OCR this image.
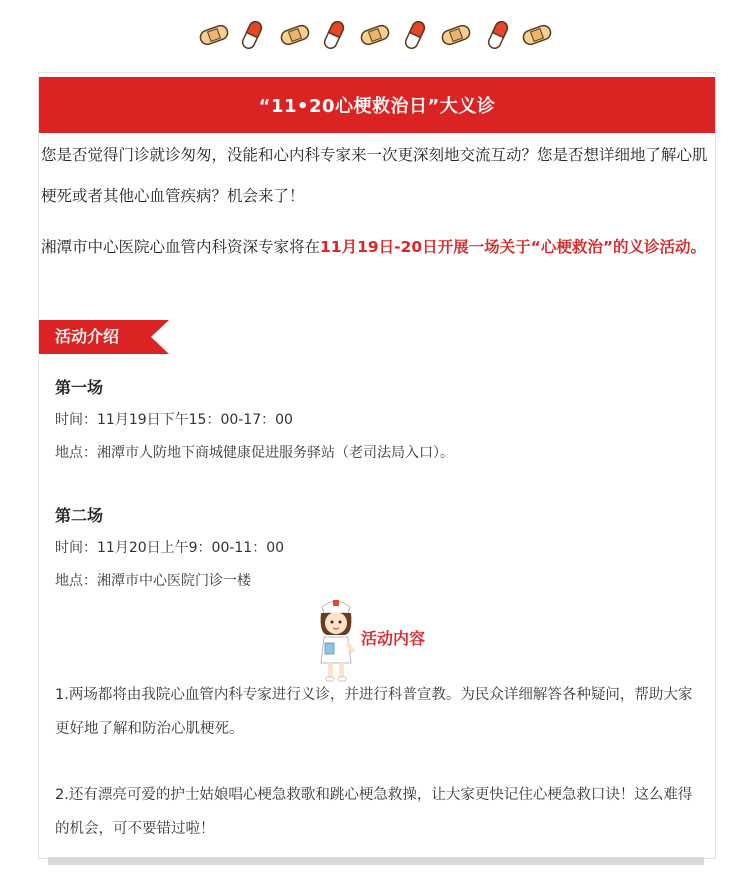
“11•20心梗救治日”大义诊

您是否觉得门诊就诊匆匆，没能和心内科专家来一次更深刻地交流互动？您是否想详细地了解心肌梗死或者其他心血管疾病？机会来了！

湘潭市中心医院心血管内科资深专家将在11月19日-20日开展一场关于“心梗救治”的义诊活动。

活动介绍
第一场
时间：11月19日下午15：00-17：00
地点：湘潭市人防地下商城健康促进服务驿站（老司法局入口）。
第二场
时间：11月20日上午9：00-11：00
地点：湘潭市中心医院门诊一楼
活动内容
1.两场都将由我院心血管内科专家进行义诊，并进行科普宣教。为民众详细解答各种疑问，帮助大家更好地了解和防治心肌梗死。
2.还有漂亮可爱的护士姑娘唱心梗急救歌和跳心梗急救操，让大家更快记住心梗急救口诀！这么难得的机会，可不要错过啦！
